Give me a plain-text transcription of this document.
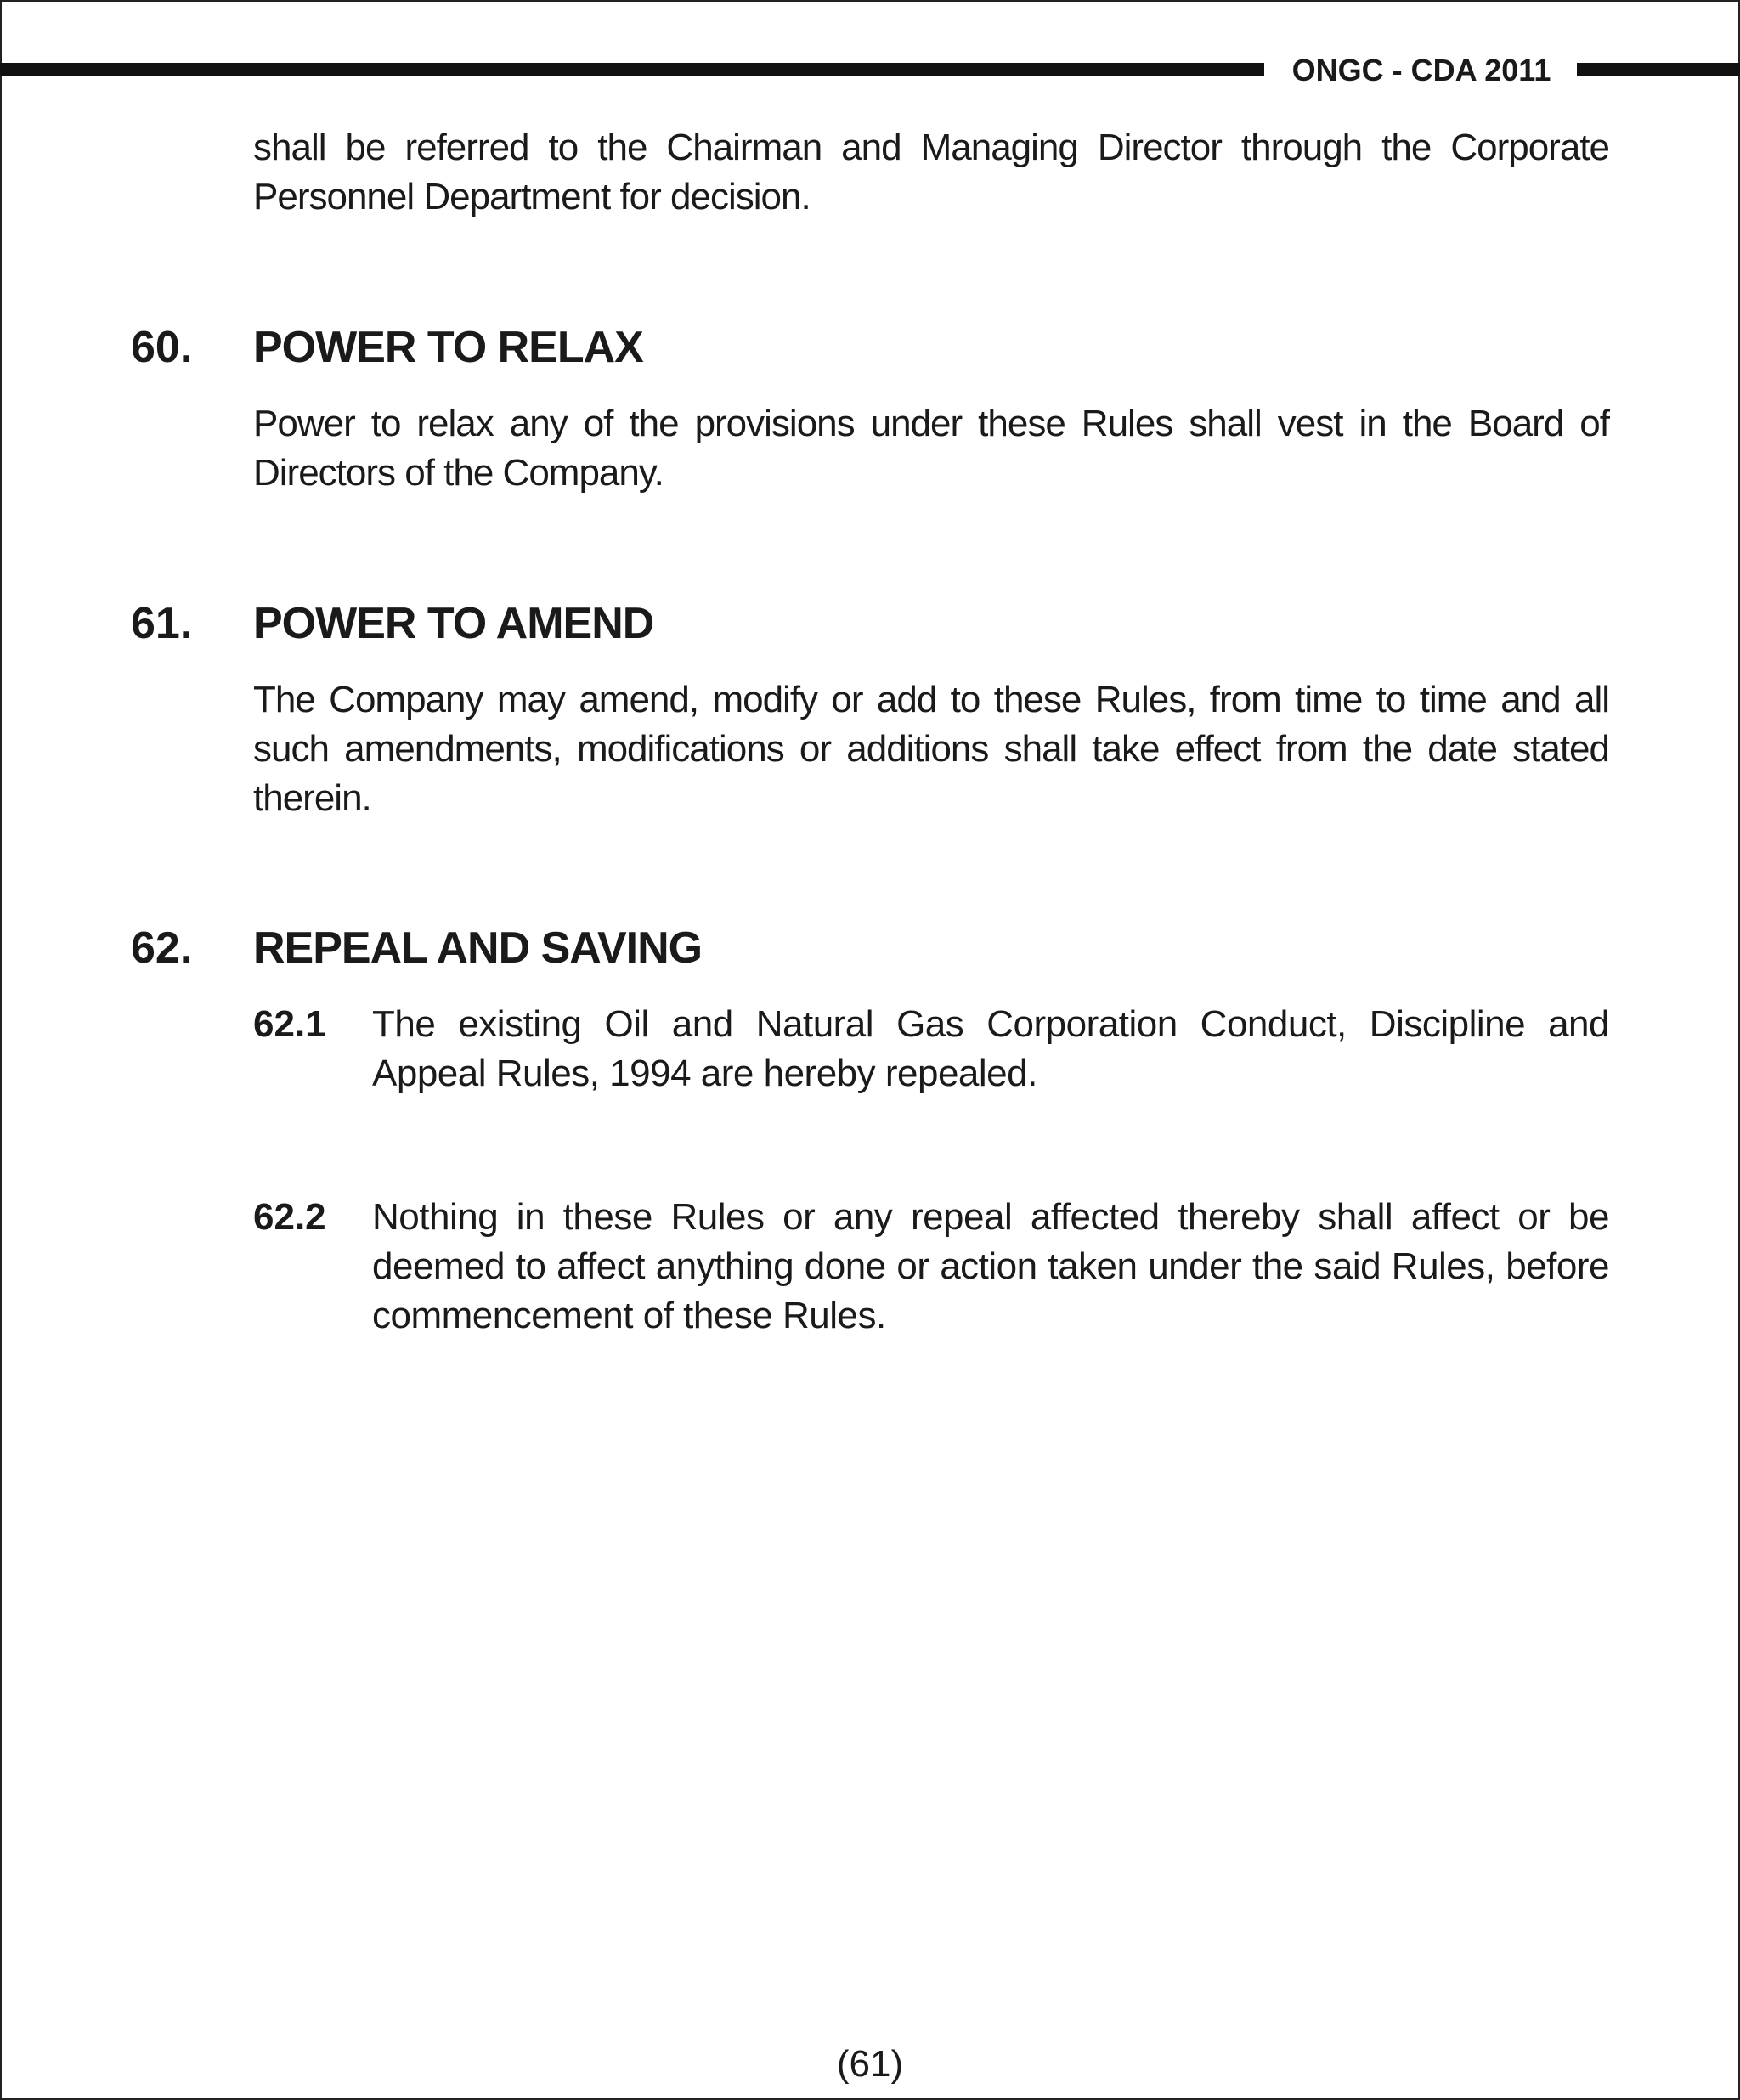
ONGC - CDA 2011

shall be referred to the Chairman and Managing Director through the Corporate Personnel Department for decision.

60. POWER TO RELAX

Power to relax any of the provisions under these Rules shall vest in the Board of Directors of the Company.

61. POWER TO AMEND

The Company may amend, modify or add to these Rules, from time to time and all such amendments, modifications or additions shall take effect from the date stated therein.

62. REPEAL AND SAVING
62.1 The existing Oil and Natural Gas Corporation Conduct, Discipline and Appeal Rules, 1994 are hereby repealed.

62.2 Nothing in these Rules or any repeal affected thereby shall affect or be deemed to affect anything done or action taken under the said Rules, before commencement of these Rules.

(61)
